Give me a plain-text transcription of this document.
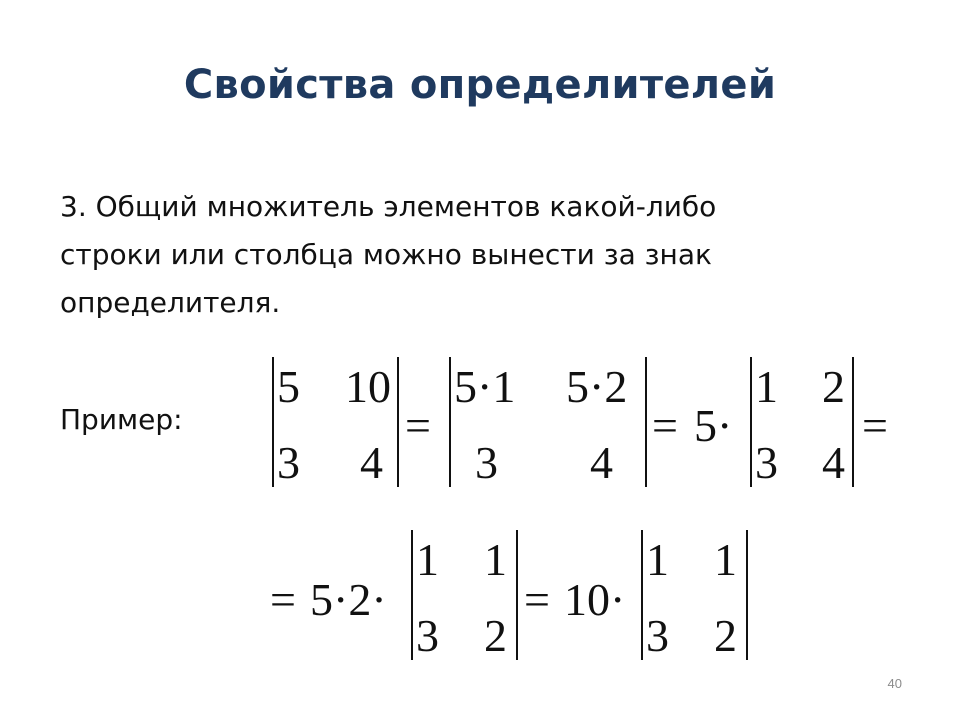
Свойства определителей
3. Общий множитель элементов какой-либо
строки или столбца можно вынести за знак
определителя.
Пример:
5 10
3 4
=
5·1 5·2
3 4
= 5·
1 2
3 4
=
= 5·2·
1 1
3 2
= 10·
1 1
3 2
40
